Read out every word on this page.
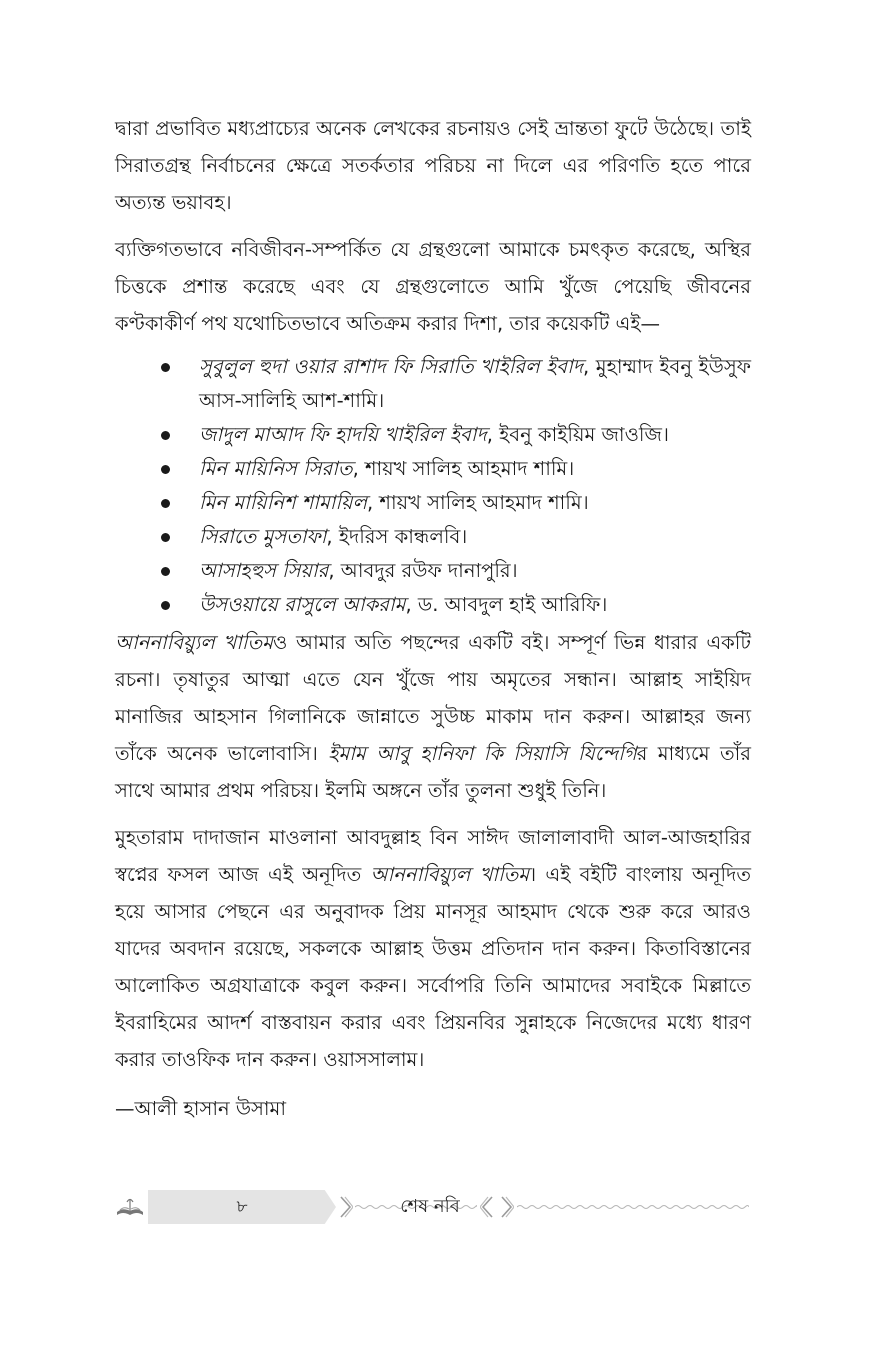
দ্বারা প্রভাবিত মধ্যপ্রাচ্যের অনেক লেখকের রচনায়ও সেই ভ্রান্ততা ফুটে উঠেছে। তাই সিরাতগ্রন্থ নির্বাচনের ক্ষেত্রে সতর্কতার পরিচয় না দিলে এর পরিণতি হতে পারে অত্যন্ত ভয়াবহ।

ব্যক্তিগতভাবে নবিজীবন-সম্পর্কিত যে গ্রন্থগুলো আমাকে চমৎকৃত করেছে, অস্থির চিত্তকে প্রশান্ত করেছে এবং যে গ্রন্থগুলোতে আমি খুঁজে পেয়েছি জীবনের কণ্টকাকীর্ণ পথ যথোচিতভাবে অতিক্রম করার দিশা, তার কয়েকটি এই—

সুবুলুল হুদা ওয়ার রাশাদ ফি সিরাতি খাইরিল ইবাদ, মুহাম্মাদ ইবনু ইউসুফ আস-সালিহি আশ-শামি।
জাদুল মাআদ ফি হাদয়ি খাইরিল ইবাদ, ইবনু কাইয়িম জাওজি।
মিন মায়িনিস সিরাত, শায়খ সালিহ আহমাদ শামি।
মিন মায়িনিশ শামায়িল, শায়খ সালিহ আহমাদ শামি।
সিরাতে মুসতাফা, ইদরিস কান্ধলবি।
আসাহহুস সিয়ার, আবদুর রউফ দানাপুরি।
উসওয়ায়ে রাসুলে আকরাম, ড. আবদুল হাই আরিফি।

আননাবিয়্যুল খাতিমও আমার অতি পছন্দের একটি বই। সম্পূর্ণ ভিন্ন ধারার একটি রচনা। তৃষাতুর আত্মা এতে যেন খুঁজে পায় অমৃতের সন্ধান। আল্লাহ সাইয়িদ মানাজির আহসান গিলানিকে জান্নাতে সুউচ্চ মাকাম দান করুন। আল্লাহর জন্য তাঁকে অনেক ভালোবাসি। ইমাম আবু হানিফা কি সিয়াসি যিন্দেগির মাধ্যমে তাঁর সাথে আমার প্রথম পরিচয়। ইলমি অঙ্গনে তাঁর তুলনা শুধুই তিনি।

মুহতারাম দাদাজান মাওলানা আবদুল্লাহ বিন সাঈদ জালালাবাদী আল-আজহারির স্বপ্নের ফসল আজ এই অনূদিত আননাবিয়্যুল খাতিম। এই বইটি বাংলায় অনূদিত হয়ে আসার পেছনে এর অনুবাদক প্রিয় মানসূর আহমাদ থেকে শুরু করে আরও যাদের অবদান রয়েছে, সকলকে আল্লাহ উত্তম প্রতিদান দান করুন। কিতাবিস্তানের আলোকিত অগ্রযাত্রাকে কবুল করুন। সর্বোপরি তিনি আমাদের সবাইকে মিল্লাতে ইবরাহিমের আদর্শ বাস্তবায়ন করার এবং প্রিয়নবির সুন্নাহকে নিজেদের মধ্যে ধারণ করার তাওফিক দান করুন। ওয়াসসালাম।

—আলী হাসান উসামা

৮	শেষ নবি
